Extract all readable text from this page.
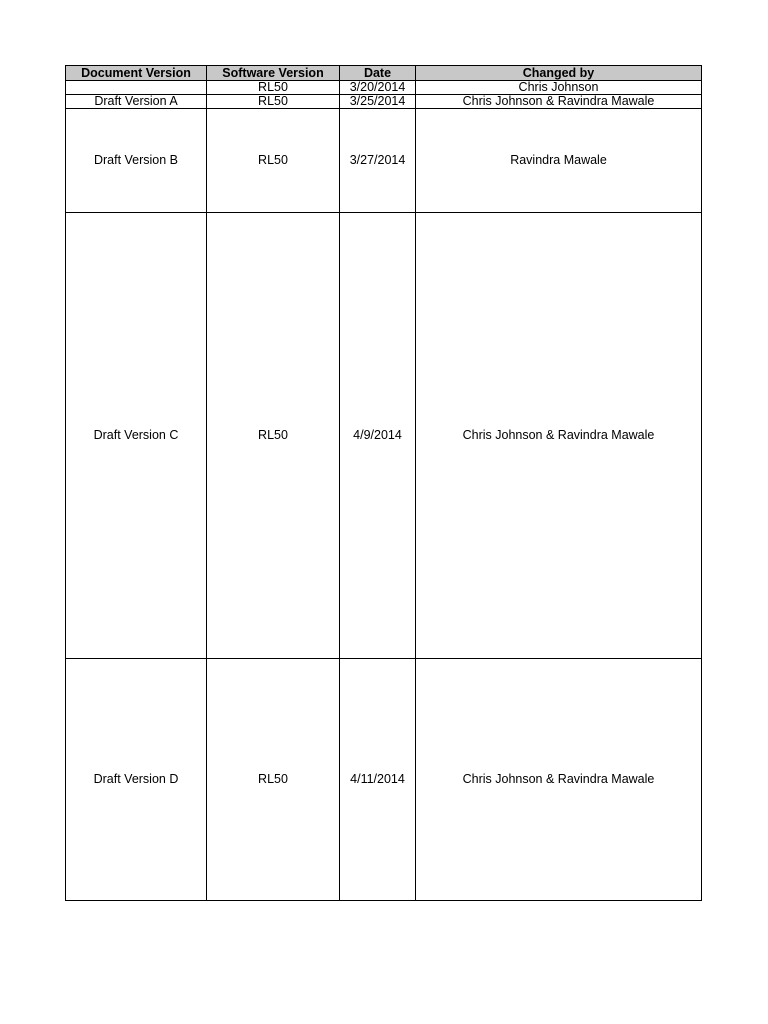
Document Version	Software Version	Date	Changed by
	RL50	3/20/2014	Chris Johnson
Draft Version A	RL50	3/25/2014	Chris Johnson & Ravindra Mawale
Draft Version B	RL50	3/27/2014	Ravindra Mawale
Draft Version C	RL50	4/9/2014	Chris Johnson & Ravindra Mawale
Draft Version D	RL50	4/11/2014	Chris Johnson & Ravindra Mawale
